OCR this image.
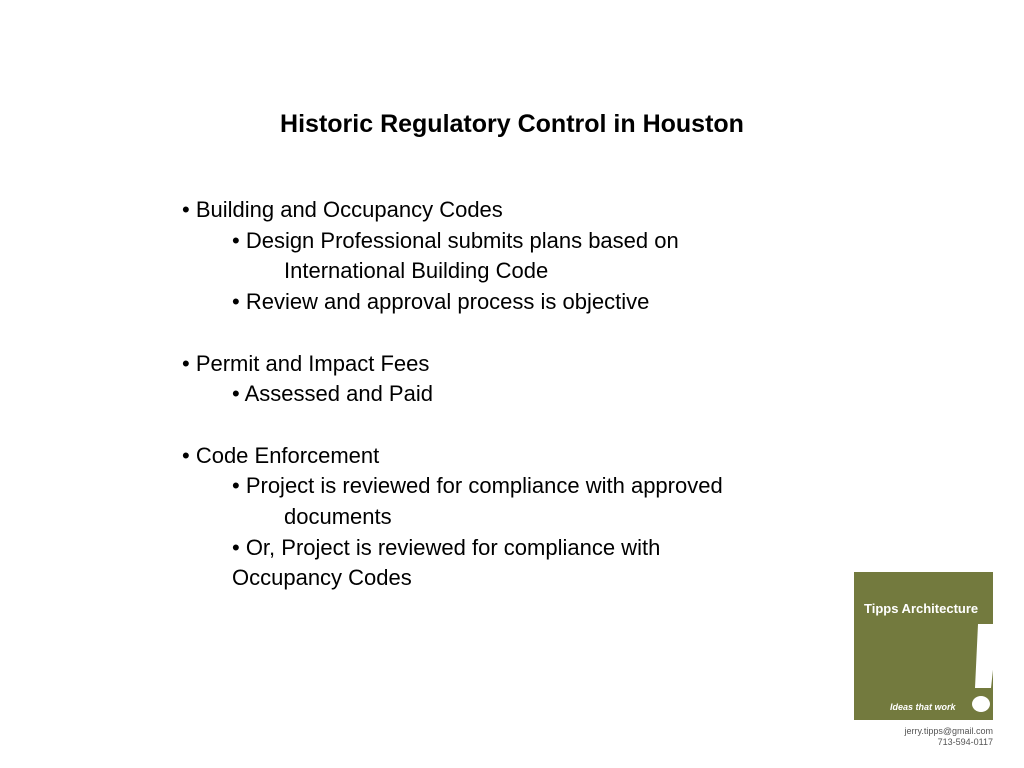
Historic Regulatory Control in Houston
• Building and Occupancy Codes
• Design Professional submits plans based on
International Building Code
• Review and approval process is objective
• Permit and Impact Fees
• Assessed and Paid
• Code Enforcement
• Project is reviewed for compliance with approved
documents
• Or, Project is reviewed for compliance with
Occupancy Codes
Tipps Architecture
Ideas that work
jerry.tipps@gmail.com
713-594-0117
